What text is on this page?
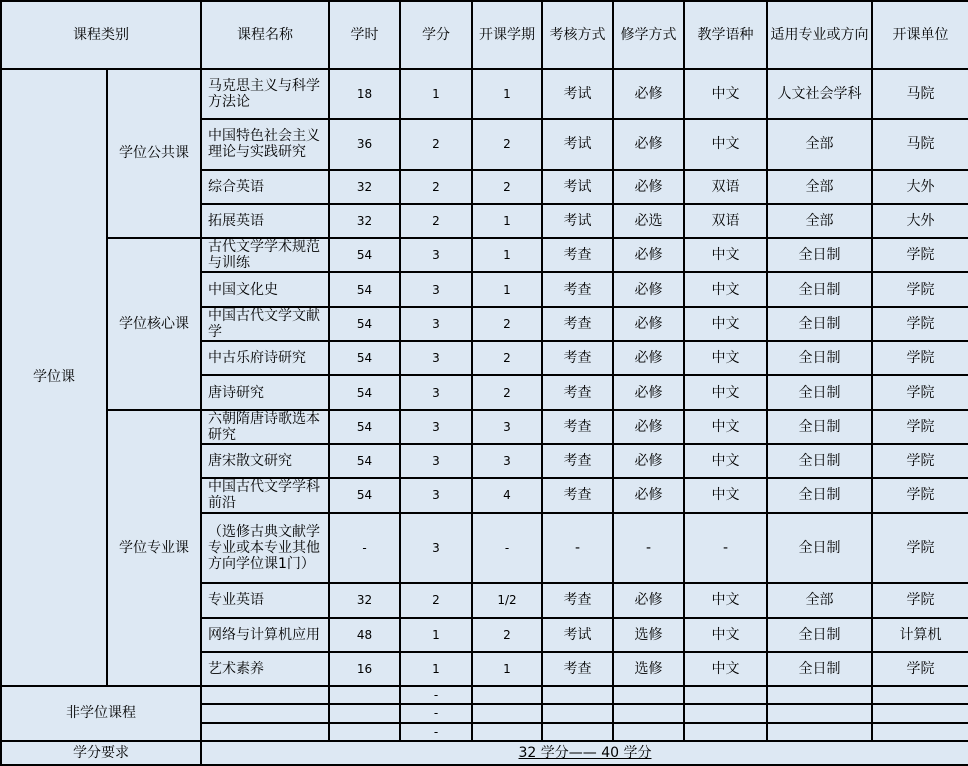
课程类别		课程名称	学时	学分	开课学期	考核方式	修学方式	教学语种	适用专业或方向	开课单位
学位课	学位公共课	马克思主义与科学方法论	18	1	1	考试	必修	中文	人文社会学科	马院
		中国特色社会主义理论与实践研究	36	2	2	考试	必修	中文	全部	马院
		综合英语	32	2	2	考试	必修	双语	全部	大外
		拓展英语	32	2	1	考试	必选	双语	全部	大外
	学位核心课	古代文学学术规范与训练	54	3	1	考查	必修	中文	全日制	学院
		中国文化史	54	3	1	考查	必修	中文	全日制	学院
		中国古代文学文献学	54	3	2	考查	必修	中文	全日制	学院
		中古乐府诗研究	54	3	2	考查	必修	中文	全日制	学院
		唐诗研究	54	3	2	考查	必修	中文	全日制	学院
	学位专业课	六朝隋唐诗歌选本研究	54	3	3	考查	必修	中文	全日制	学院
		唐宋散文研究	54	3	3	考查	必修	中文	全日制	学院
		中国古代文学学科前沿	54	3	4	考查	必修	中文	全日制	学院
		（选修古典文献学专业或本专业其他方向学位课1门）	-	3	-	-	-	-	全日制	学院
		专业英语	32	2	1/2	考查	必修	中文	全部	学院
		网络与计算机应用	48	1	2	考试	选修	中文	全日制	计算机
		艺术素养	16	1	1	考查	选修	中文	全日制	学院
非学位课程				-						
				-						
				-						
学分要求		32 学分—— 40 学分								
